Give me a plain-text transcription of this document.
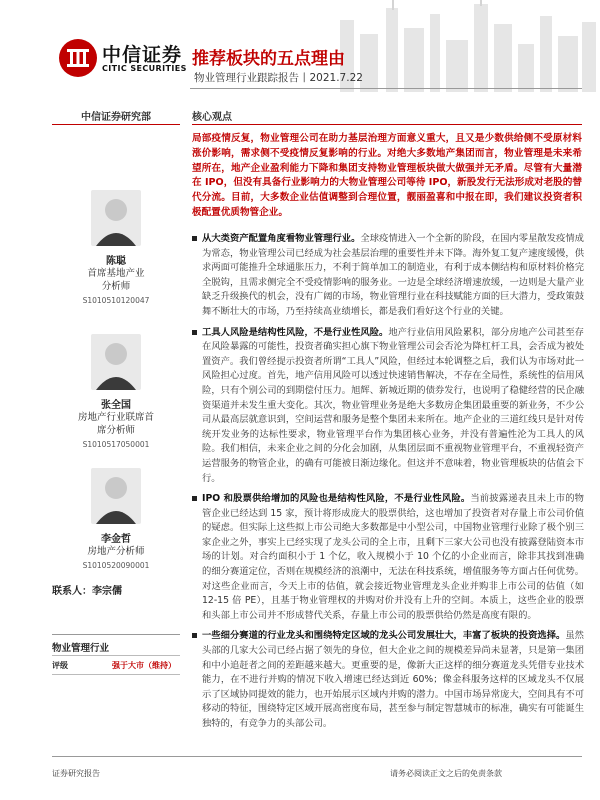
中信证券
CITIC SECURITIES 推荐板块的五点理由
物业管理行业跟踪报告丨2021.7.22
中信证券研究部
陈聪
首席基地产业
分析师
S1010510120047
张全国
房地产行业联席首
席分析师
S1010517050001
李金哲
房地产分析师
S1010520090001
联系人：李宗儒
物业管理行业
评级	强于大市（维持）
核心观点
局部疫情反复，物业管理公司在助力基层治理方面意义重大，且又是少数供给侧不受原材料涨价影响，需求侧不受疫情反复影响的行业。对绝大多数地产集团而言，物业管理是未来希望所在，地产企业盈利能力下降和集团支持物业管理板块做大做强并无矛盾。尽管有大量潜在 IPO，但没有具备行业影响力的大物业管理公司等待 IPO，新股发行无法形成对老股的替代分流。目前，大多数企业估值调整到合理位置，靓丽盈喜和中报在即，我们建议投资者积极配置优质物管企业。
从大类资产配置角度看物业管理行业。全球疫情进入一个全新的阶段，在国内零星散发疫情成为常态，物业管理公司已经成为社会基层治理的重要性并未下降。海外复工复产速度缓慢，供求两面可能推升全球通胀压力，不利于简单加工的制造业，有利于成本侧结构和原材料价格完全脱钩，且需求侧完全不受疫情影响的服务业。一边是全球经济增速放缓，一边则是大量产业缺乏升级换代的机会，没有广阔的市场，物业管理行业在科技赋能方面的巨大潜力，受政策鼓舞不断壮大的市场，乃至持续高业绩增长，都是我们看好这个行业的关键。
工具人风险是结构性风险，不是行业性风险。地产行业信用风险累积，部分房地产公司甚至存在风险暴露的可能性，投资者确实担心旗下物业管理公司会否沦为降杠杆工具，会否成为被处置资产。我们曾经提示投资者所谓“工具人”风险，但经过本轮调整之后，我们认为市场对此一风险担心过度。首先，地产信用风险可以透过快速销售解决，不存在全局性，系统性的信用风险，只有个别公司的到期偿付压力。旭辉、新城近期的债券发行，也说明了稳健经营的民企融资渠道并未发生重大变化。其次，物业管理业务是绝大多数房企集团最重要的新业务，不少公司从最高层就意识到，空间运营和服务是整个集团未来所在。地产企业的三道红线只是针对传统开发业务的达标性要求，物业管理平台作为集团核心业务，并没有普遍性沦为工具人的风险。我们相信，未来企业之间的分化会加剧，从集团层面不重视物业管理平台，不重视轻资产运营服务的物管企业，的确有可能被日渐边缘化。但这并不意味着，物业管理板块的估值会下行。
IPO 和股票供给增加的风险也是结构性风险，不是行业性风险。当前披露递表且未上市的物管企业已经达到 15 家，预计将形成庞大的股票供给，这也增加了投资者对存量上市公司价值的疑虑。但实际上这些拟上市公司绝大多数都是中小型公司，中国物业管理行业除了极个别三家企业之外，事实上已经实现了龙头公司的全上市，且剩下三家大公司也没有披露登陆资本市场的计划。对合约面积小于 1 个亿，收入规模小于 10 个亿的小企业而言，除非其找到准确的细分赛道定位，否则在规模经济的浪潮中，无法在科技系统，增值服务等方面占任何优势。对这些企业而言，今天上市的估值，就会接近物业管理龙头企业并购非上市公司的估值（如 12-15 倍 PE），且基于物业管理权的并购对价并没有上升的空间。本质上，这些企业的股票和头部上市公司并不形成替代关系，存量上市公司的股票供给仍然是高度有限的。
一些细分赛道的行业龙头和围绕特定区域的龙头公司发展壮大，丰富了板块的投资选择。虽然头部的几家大公司已经占据了领先的身位，但大企业之间的规模差异尚未显著，只是第一集团和中小追赶者之间的差距越来越大。更重要的是，像新大正这样的细分赛道龙头凭借专业技术能力，在不进行并购的情况下收入增速已经达到近 60%；像金科服务这样的区域龙头不仅展示了区域协同提效的能力，也开始展示区域内并购的潜力。中国市场异常庞大，空间具有不可移动的特征，围绕特定区域开展高密度布局，甚至参与制定智慧城市的标准，确实有可能诞生独特的，有竞争力的头部公司。
证券研究报告	请务必阅读正文之后的免责条款
